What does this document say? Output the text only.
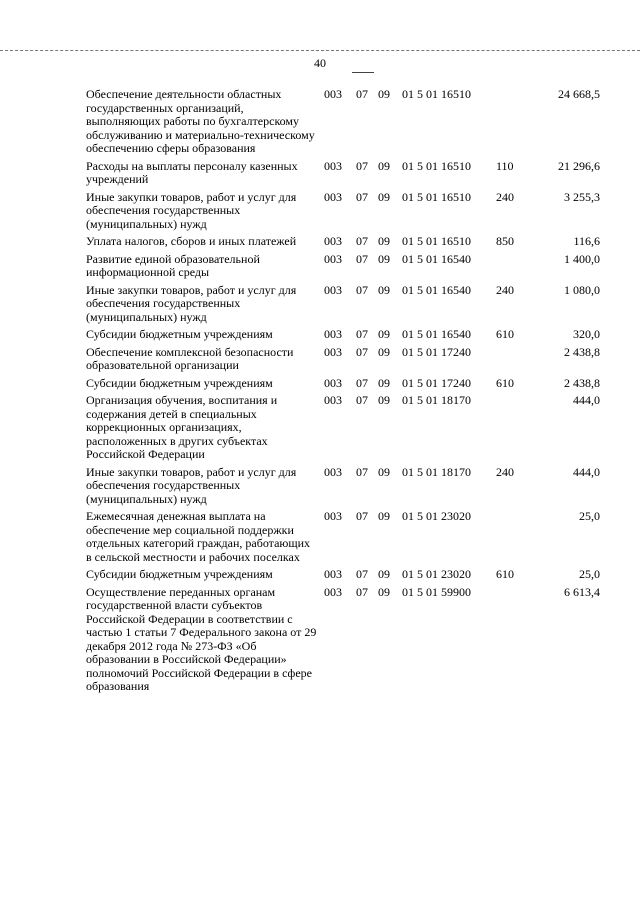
40
Обеспечение деятельности областных государственных организаций, выполняющих работы по бухгалтерскому обслуживанию и материально-техническому обеспечению сферы образования	003	07 09	01 5 01 16510		24 668,5
Расходы на выплаты персоналу казенных учреждений	003	07 09	01 5 01 16510	110	21 296,6
Иные закупки товаров, работ и услуг для обеспечения государственных (муниципальных) нужд	003	07 09	01 5 01 16510	240	3 255,3
Уплата налогов, сборов и иных платежей	003	07 09	01 5 01 16510	850	116,6
Развитие единой образовательной информационной среды	003	07 09	01 5 01 16540		1 400,0
Иные закупки товаров, работ и услуг для обеспечения государственных (муниципальных) нужд	003	07 09	01 5 01 16540	240	1 080,0
Субсидии бюджетным учреждениям	003	07 09	01 5 01 16540	610	320,0
Обеспечение комплексной безопасности образовательной организации	003	07 09	01 5 01 17240		2 438,8
Субсидии бюджетным учреждениям	003	07 09	01 5 01 17240	610	2 438,8
Организация обучения, воспитания и содержания детей в специальных коррекционных организациях, расположенных в других субъектах Российской Федерации	003	07 09	01 5 01 18170		444,0
Иные закупки товаров, работ и услуг для обеспечения государственных (муниципальных) нужд	003	07 09	01 5 01 18170	240	444,0
Ежемесячная денежная выплата на обеспечение мер социальной поддержки отдельных категорий граждан, работающих в сельской местности и рабочих поселках	003	07 09	01 5 01 23020		25,0
Субсидии бюджетным учреждениям	003	07 09	01 5 01 23020	610	25,0
Осуществление переданных органам государственной власти субъектов Российской Федерации в соответствии с частью 1 статьи 7 Федерального закона от 29 декабря 2012 года № 273-ФЗ «Об образовании в Российской Федерации» полномочий Российской Федерации в сфере образования	003	07 09	01 5 01 59900		6 613,4
